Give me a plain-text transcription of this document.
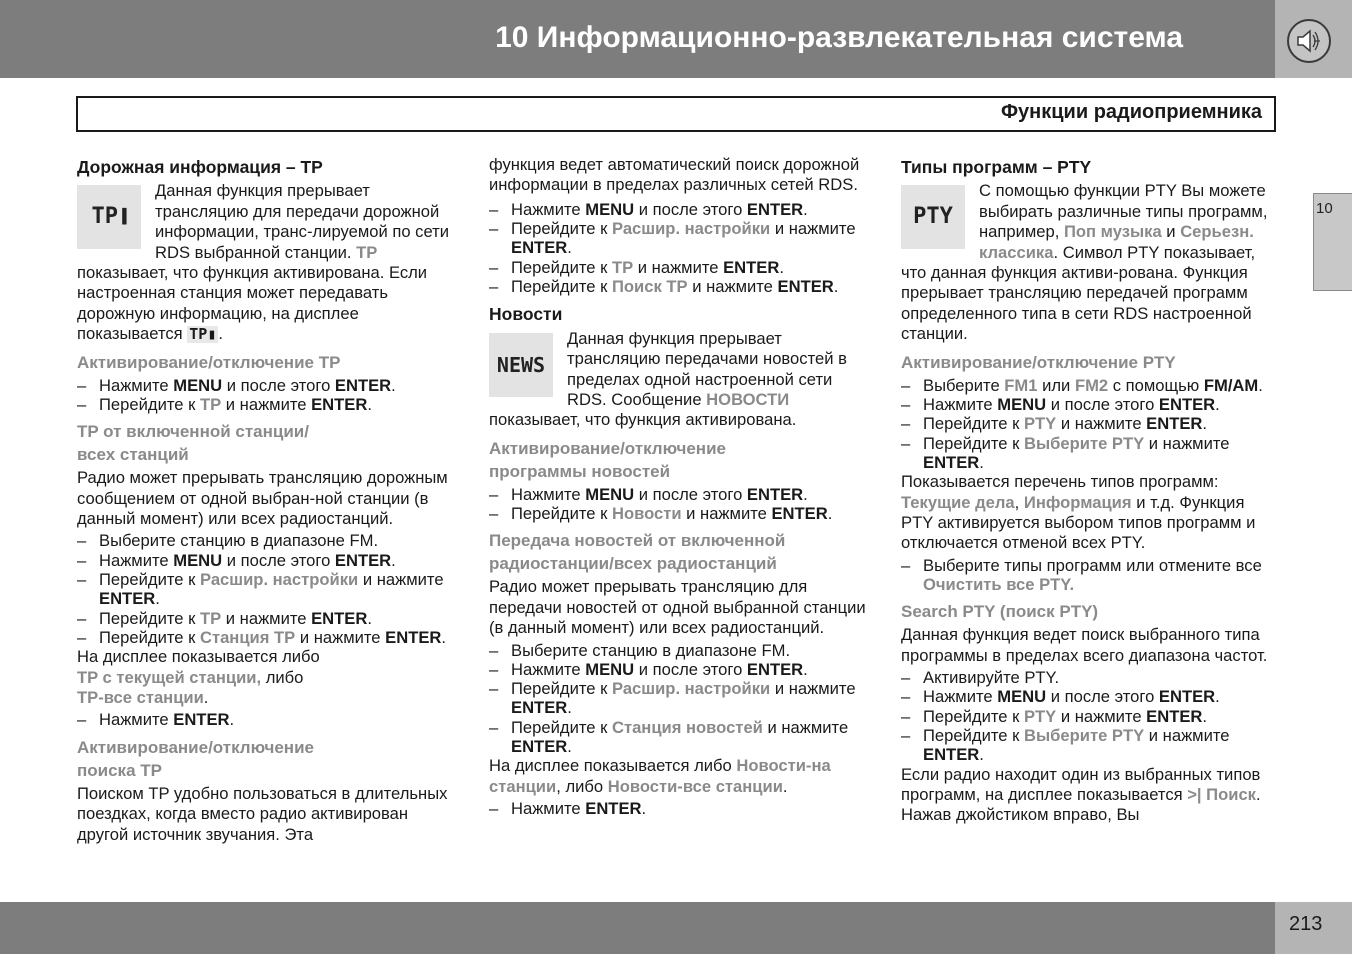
10 Информационно-развлекательная система
Функции радиоприемника
10

Дорожная информация – TP

TP ▐

Данная функция прерывает трансляцию для передачи дорожной информации, транс-лируемой по сети RDS выбранной станции. TP показывает, что функция активирована. Если настроенная станция может передавать дорожную информацию, на дисплее показывается TP▮ .

Активирование/отключение TP

– Нажмите MENU и после этого ENTER.
– Перейдите к TP и нажмите ENTER.

TP от включенной станции/
всех станций

Радио может прерывать трансляцию дорожным сообщением от одной выбран-ной станции (в данный момент) или всех радиостанций.

– Выберите станцию в диапазоне FM.
– Нажмите MENU и после этого ENTER.
– Перейдите к Расшир. настройки и нажмите ENTER.
– Перейдите к TP и нажмите ENTER.
– Перейдите к Станция TP и нажмите ENTER.

На дисплее показывается либо
TP с текущей станции, либо
TP-все станции.

– Нажмите ENTER.

Активирование/отключение
поиска TP

Поиском TP удобно пользоваться в длительных поездках, когда вместо радио активирован другой источник звучания. Эта

функция ведет автоматический поиск дорожной информации в пределах различных сетей RDS.

– Нажмите MENU и после этого ENTER.
– Перейдите к Расшир. настройки и нажмите ENTER.
– Перейдите к TP и нажмите ENTER.
– Перейдите к Поиск TP и нажмите ENTER.

Новости

NEWS

Данная функция прерывает трансляцию передачами новостей в пределах одной настроенной сети RDS. Сообщение НОВОСТИ показывает, что функция активирована.

Активирование/отключение
программы новостей

– Нажмите MENU и после этого ENTER.
– Перейдите к Новости и нажмите ENTER.

Передача новостей от включенной
радиостанции/всех радиостанций

Радио может прерывать трансляцию для передачи новостей от одной выбранной станции (в данный момент) или всех радиостанций.

– Выберите станцию в диапазоне FM.
– Нажмите MENU и после этого ENTER.
– Перейдите к Расшир. настройки и нажмите ENTER.
– Перейдите к Станция новостей и нажмите ENTER.

На дисплее показывается либо Новости-на станции, либо Новости-все станции.

– Нажмите ENTER.

Типы программ – PTY

PTY

С помощью функции PTY Вы можете выбирать различные типы программ, например, Поп музыка и Серьезн. классика. Символ PTY показывает, что данная функция активи-рована. Функция прерывает трансляцию передачей программ определенного типа в сети RDS настроенной станции.

Активирование/отключение PTY

– Выберите FM1 или FM2 с помощью FM/AM.
– Нажмите MENU и после этого ENTER.
– Перейдите к PTY и нажмите ENTER.
– Перейдите к Выберите PTY и нажмите ENTER.

Показывается перечень типов программ: Текущие дела, Информация и т.д. Функция PTY активируется выбором типов программ и отключается отменой всех PTY.

– Выберите типы программ или отмените все Очистить все PTY.

Search PTY (поиск PTY)

Данная функция ведет поиск выбранного типа программы в пределах всего диапазона частот.

– Активируйте PTY.
– Нажмите MENU и после этого ENTER.
– Перейдите к PTY и нажмите ENTER.
– Перейдите к Выберите PTY и нажмите ENTER.

Если радио находит один из выбранных типов программ, на дисплее показывается >| Поиск. Нажав джойстиком вправо, Вы

213
